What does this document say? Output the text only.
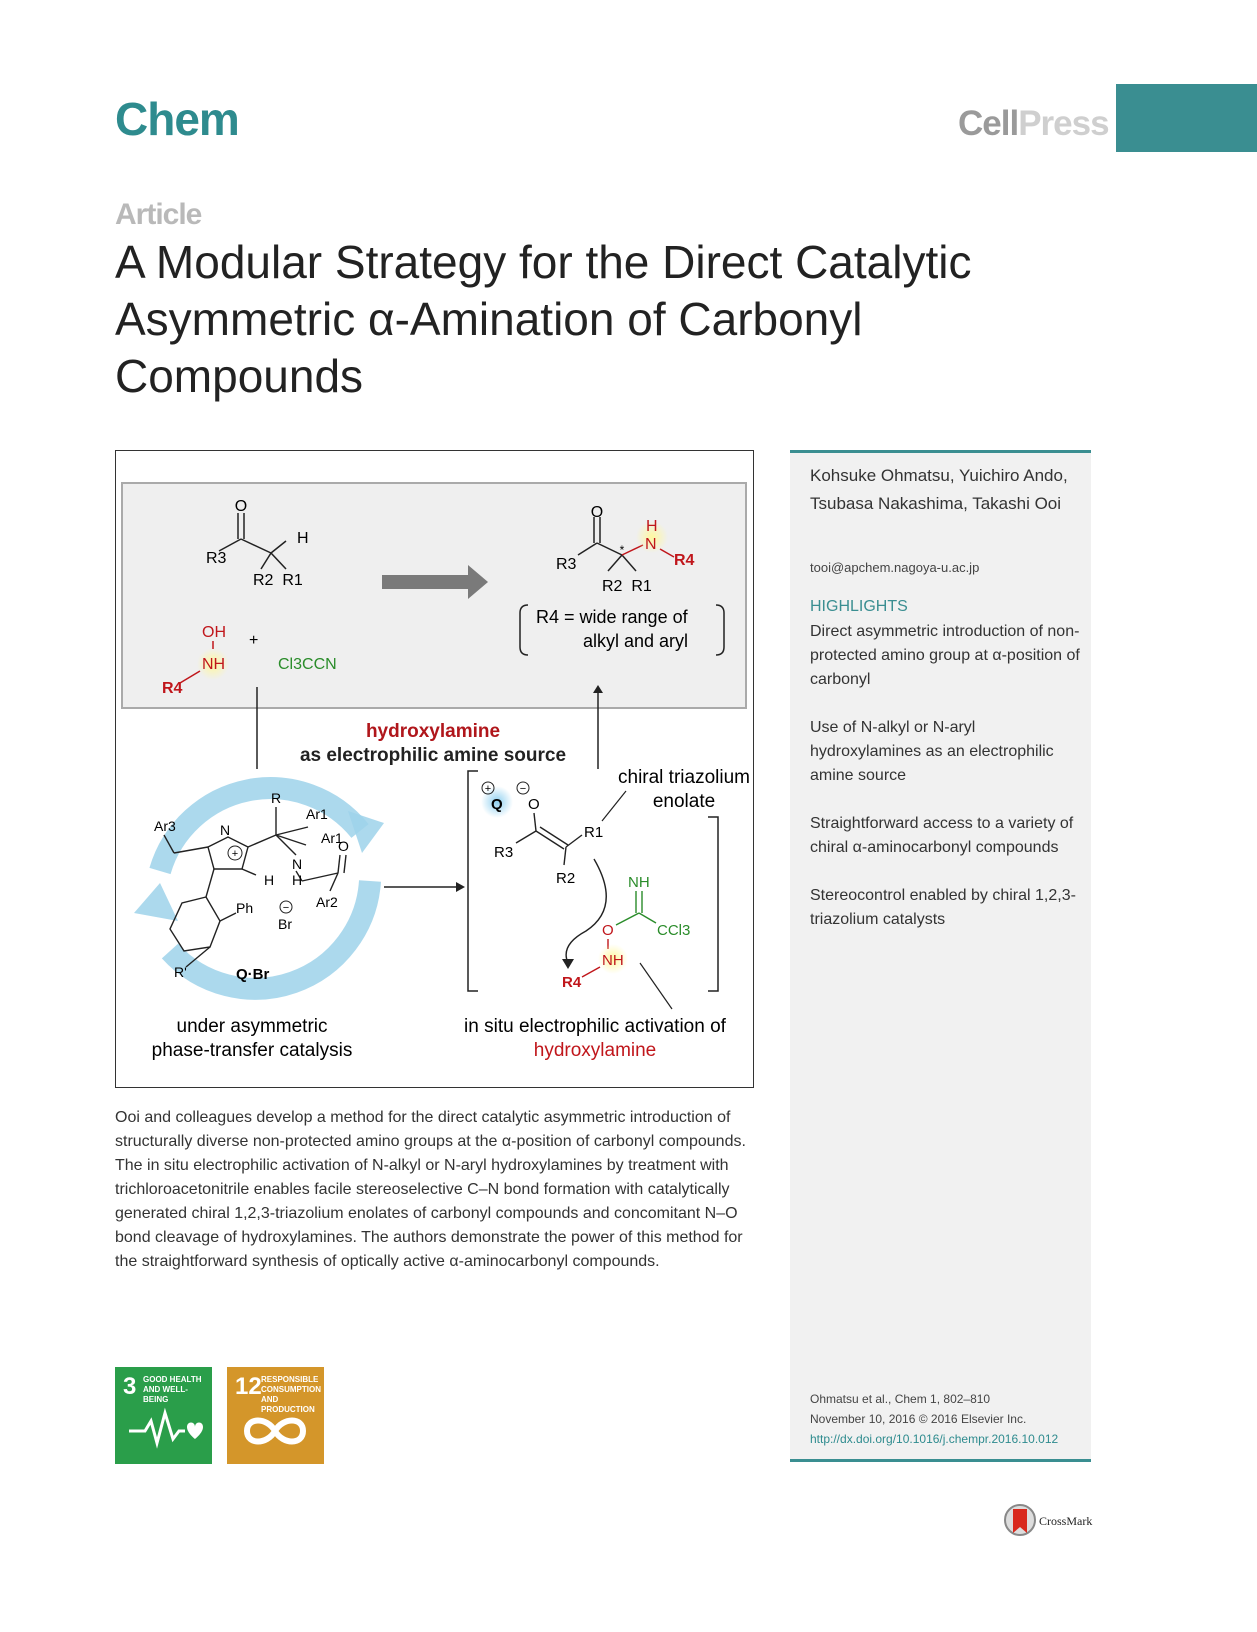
Chem	CellPress
Article
A Modular Strategy for the Direct Catalytic Asymmetric α-Amination of Carbonyl Compounds
Kohsuke Ohmatsu, Yuichiro Ando, Tsubasa Nakashima, Takashi Ooi
tooi@apchem.nagoya-u.ac.jp
HIGHLIGHTS

Direct asymmetric introduction of non-protected amino group at α-position of carbonyl

Use of N-alkyl or N-aryl hydroxylamines as an electrophilic amine source

Straightforward access to a variety of chiral α-aminocarbonyl compounds

Stereocontrol enabled by chiral 1,2,3-triazolium catalysts

Ohmatsu et al., Chem 1, 802–810
November 10, 2016 © 2016 Elsevier Inc.
http://dx.doi.org/10.1016/j.chempr.2016.10.012
O
H
R3
R2  R1
OH
NH
R4
+
Cl3CCN
O
*
H
N
R4
R3
R2  R1
R4 = wide range of
alkyl and aryl
hydroxylamine
as electrophilic amine source
chiral triazolium
enolate
+
R
Ar1
Ar1
Ar3	N
N
H
O
Ar2
H
Ph	−
Br
R'	Q·Br
+	−
Q O
R1
R3
R2	NH
CCl3
O
NH
R4
under asymmetric
phase-transfer catalysis
in situ electrophilic activation of
hydroxylamine
Ooi and colleagues develop a method for the direct catalytic asymmetric introduction of structurally diverse non-protected amino groups at the α-position of carbonyl compounds. The in situ electrophilic activation of N-alkyl or N-aryl hydroxylamines by treatment with trichloroacetonitrile enables facile stereoselective C–N bond formation with catalytically generated chiral 1,2,3-triazolium enolates of carbonyl compounds and concomitant N–O bond cleavage of hydroxylamines. The authors demonstrate the power of this method for the straightforward synthesis of optically active α-aminocarbonyl compounds.
3 GOOD HEALTH AND WELL-BEING	12 RESPONSIBLE CONSUMPTION AND PRODUCTION
CrossMark
